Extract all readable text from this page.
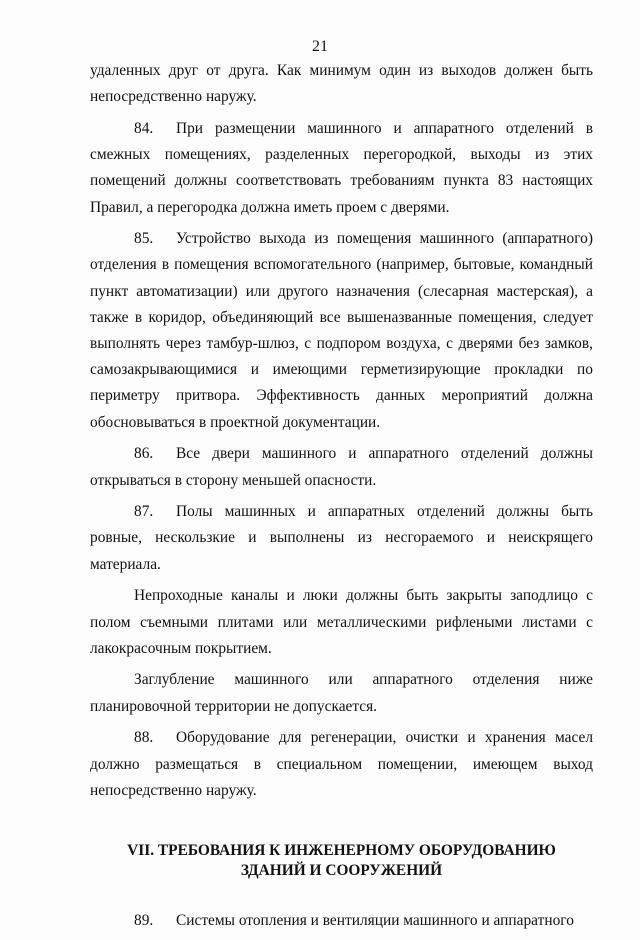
21

удаленных друг от друга. Как минимум один из выходов должен быть непосредственно наружу.

84. При размещении машинного и аппаратного отделений в смежных помещениях, разделенных перегородкой, выходы из этих помещений должны соответствовать требованиям пункта 83 настоящих Правил, а перегородка должна иметь проем с дверями.

85. Устройство выхода из помещения машинного (аппаратного) отделения в помещения вспомогательного (например, бытовые, командный пункт автоматизации) или другого назначения (слесарная мастерская), а также в коридор, объединяющий все вышеназванные помещения, следует выполнять через тамбур-шлюз, с подпором воздуха, с дверями без замков, самозакрывающимися и имеющими герметизирующие прокладки по периметру притвора. Эффективность данных мероприятий должна обосновываться в проектной документации.

86. Все двери машинного и аппаратного отделений должны открываться в сторону меньшей опасности.

87. Полы машинных и аппаратных отделений должны быть ровные, нескользкие и выполнены из несгораемого и неискрящего материала.

Непроходные каналы и люки должны быть закрыты заподлицо с полом съемными плитами или металлическими рифлеными листами с лакокрасочным покрытием.

Заглубление машинного или аппаратного отделения ниже планировочной территории не допускается.

88. Оборудование для регенерации, очистки и хранения масел должно размещаться в специальном помещении, имеющем выход непосредственно наружу.

VII. ТРЕБОВАНИЯ К ИНЖЕНЕРНОМУ ОБОРУДОВАНИЮ
ЗДАНИЙ И СООРУЖЕНИЙ

89. Системы отопления и вентиляции машинного и аппаратного
